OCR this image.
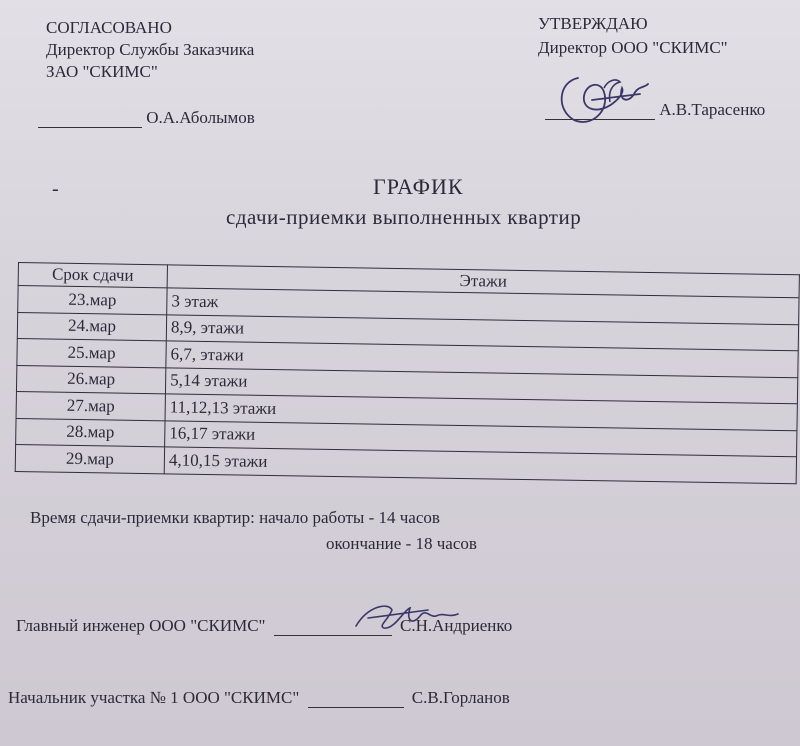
СОГЛАСОВАНО
Директор Службы Заказчика
ЗАО "СКИМС"
О.А.Аболымов
УТВЕРЖДАЮ
Директор ООО "СКИМС"
А.В.Тарасенко
-	ГРАФИК
сдачи-приемки выполненных квартир
Срок сдачи	Этажи
23.мар	3 этаж
24.мар	8,9, этажи
25.мар	6,7, этажи
26.мар	5,14 этажи
27.мар	11,12,13 этажи
28.мар	16,17 этажи
29.мар	4,10,15 этажи
Время сдачи-приемки квартир: начало работы - 14 часов
окончание - 18 часов
Главный инженер ООО "СКИМС"	С.Н.Андриенко
Начальник участка № 1 ООО "СКИМС"	С.В.Горланов
